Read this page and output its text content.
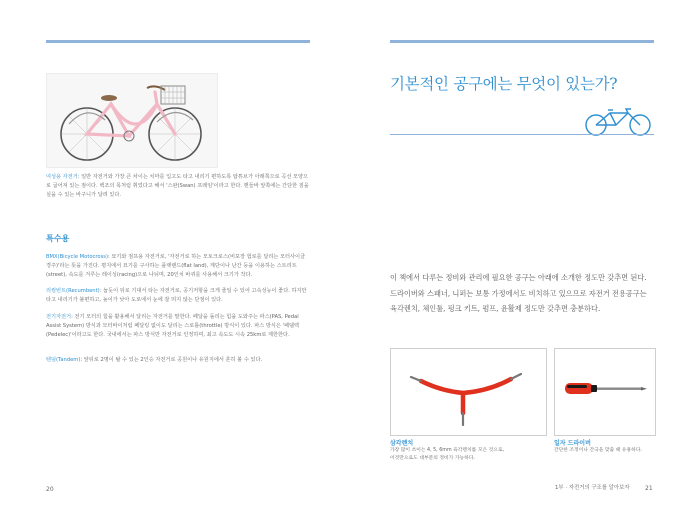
여성용 자전거: 일반 자전거와 가장 큰 차이는 치마를 입고도 타고 내리기 편하도록 탑튜브가 아래쪽으로 곡선 모양으로 굽어져 있는 점이다. 백조의 목처럼 휘었다고 해서 '스완(Swan) 프레임'이라고 한다. 핸들바 앞쪽에는 간단한 짐을 실을 수 있는 바구니가 달려 있다.

특수용

BMX(Bicycle Motocross): 묘기와 점프용 자전거로, '자전거로 하는 모토크로스(비포장 험로를 달리는 모터사이클 경주)'라는 뜻을 가진다. 평지에서 묘기를 구사하는 플랫랜드(flat land), 계단이나 난간 등을 이용하는 스트리트(street), 속도를 겨루는 레이싱(racing)으로 나뉘며, 20인치 바퀴를 사용해서 크기가 작다.

리컴번트(Recumbent): 눕듯이 뒤로 기대서 타는 자전거로, 공기저항을 크게 줄일 수 있어 고속성능이 좋다. 하지만 타고 내리기가 불편하고, 높이가 낮아 도로에서 눈에 잘 띄지 않는 단점이 있다.

전기자전거: 전기 모터의 힘을 활용해서 달리는 자전거를 말한다. 페달을 돌리는 힘을 도와주는 파스(PAS, Pedal Assist System) 방식과 모터바이처럼 페달링 없이도 달리는 스로틀(throttle) 방식이 있다. 파스 방식은 '페델렉(Pedelec)'이라고도 한다. 국내에서는 파스 방식만 자전거로 인정하며, 최고 속도도 시속 25km로 제한한다.

텐덤(Tandem): 앞뒤로 2명이 탈 수 있는 2인승 자전거로 공원이나 유원지에서 흔히 볼 수 있다.

20
기본적인 공구에는 무엇이 있는가?
이 책에서 다루는 정비와 관리에 필요한 공구는 아래에 소개한 정도만 갖추면 된다.
드라이버와 스패너, 니퍼는 보통 가정에서도 비치하고 있으므로 자전거 전용공구는
육각렌치, 체인툴, 펑크 키트, 펌프, 윤활제 정도만 갖추면 충분하다.
삼각렌치
가장 많이 쓰이는 4, 5, 6mm 육각렌치를 모은 것으로,
이것만으로도 대부분의 정비가 가능하다.
일자 드라이버
간단한 조정이나 간극을 맞출 때 유용하다.
1부 · 자전거의 구조를 알아보자	21
